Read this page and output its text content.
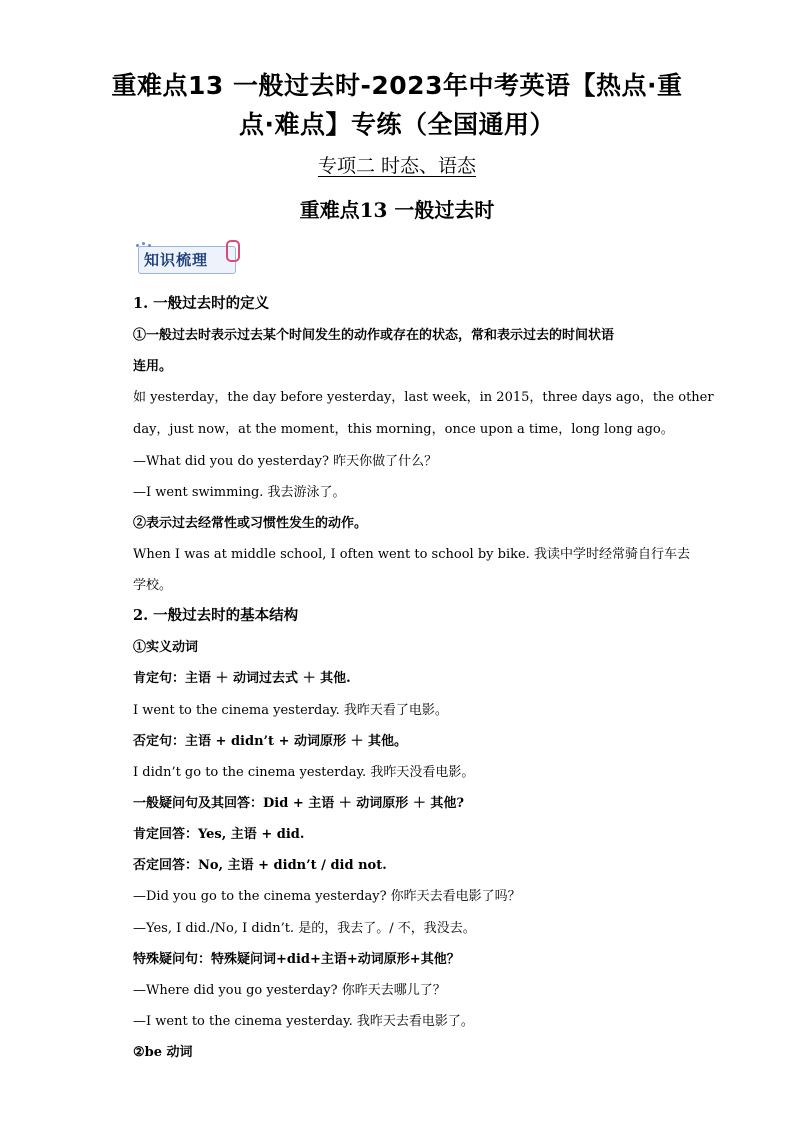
重难点13 一般过去时-2023年中考英语【热点·重
点·难点】专练（全国通用）
专项二 时态、语态
重难点13 一般过去时
知识梳理
1. 一般过去时的定义
①一般过去时表示过去某个时间发生的动作或存在的状态，常和表示过去的时间状语
连用。
如 yesterday，the day before yesterday，last week，in 2015，three days ago，the other
day，just now，at the moment，this morning，once upon a time，long long ago。
—What did you do yesterday? 昨天你做了什么？
—I went swimming. 我去游泳了。
②表示过去经常性或习惯性发生的动作。
When I was at middle school, I often went to school by bike. 我读中学时经常骑自行车去
学校。
2. 一般过去时的基本结构
①实义动词
肯定句：主语 ＋ 动词过去式 ＋ 其他.
I went to the cinema yesterday. 我昨天看了电影。
否定句：主语 + didn’t + 动词原形 ＋ 其他。
I didn’t go to the cinema yesterday. 我昨天没看电影。
一般疑问句及其回答：Did + 主语 ＋ 动词原形 ＋ 其他?
肯定回答：Yes, 主语 + did.
否定回答：No, 主语 + didn’t / did not.
—Did you go to the cinema yesterday? 你昨天去看电影了吗？
—Yes, I did./No, I didn’t. 是的，我去了。/ 不，我没去。
特殊疑问句：特殊疑问词+did+主语+动词原形+其他？
—Where did you go yesterday? 你昨天去哪儿了？
—I went to the cinema yesterday. 我昨天去看电影了。
②be 动词
